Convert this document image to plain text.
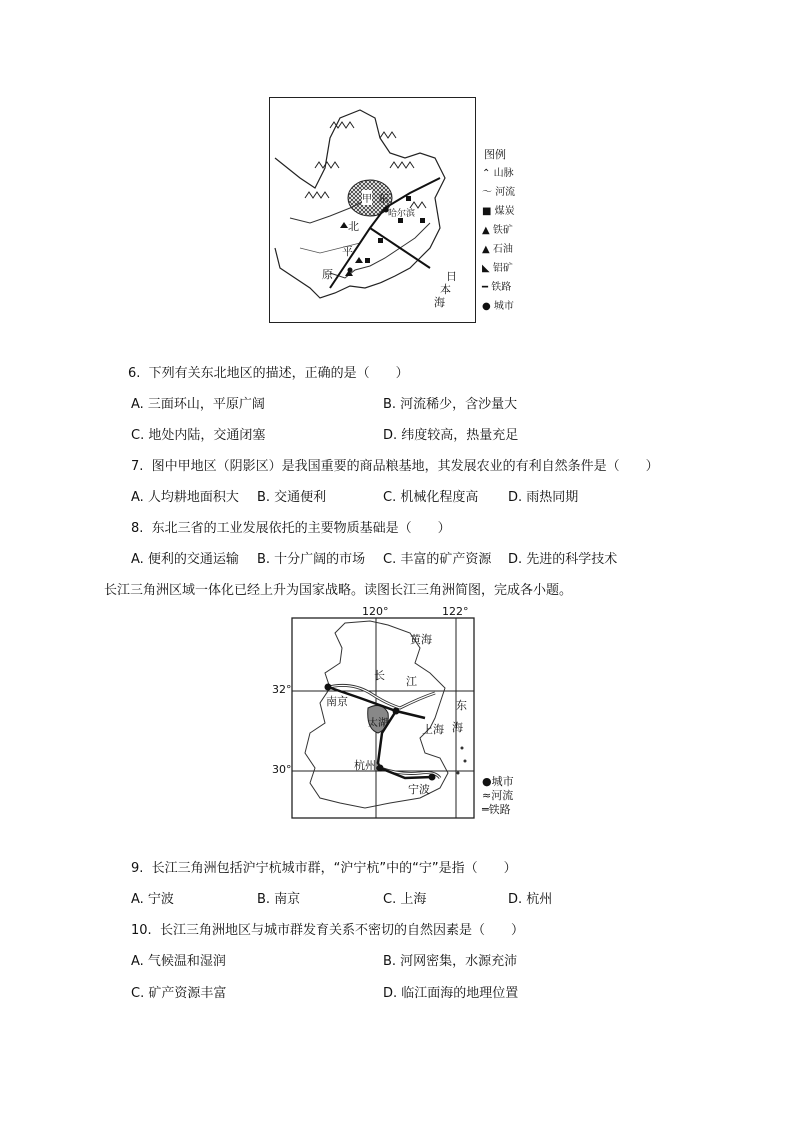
甲
哈尔滨
东
北
平
原	日
本
海
图例
⌃ 山脉
〜 河流
■ 煤炭
▲ 铁矿
▲ 石油
◣ 铝矿
━ 铁路
● 城市
6. 下列有关东北地区的描述，正确的是（　　）
A. 三面环山，平原广阔	B. 河流稀少，含沙量大
C. 地处内陆，交通闭塞	D. 纬度较高，热量充足
7. 图中甲地区（阴影区）是我国重要的商品粮基地，其发展农业的有利自然条件是（　　）
A. 人均耕地面积大 B. 交通便利	C. 机械化程度高 D. 雨热同期
8. 东北三省的工业发展依托的主要物质基础是（　　）
A. 便利的交通运输 B. 十分广阔的市场 C. 丰富的矿产资源 D. 先进的科学技术
长江三角洲区域一体化已经上升为国家战略。读图长江三角洲简图，完成各小题。
120°	122°
32°
30°
黄海
长 江
东
海
南京
太湖	上海
杭州
宁波
●城市
≈河流
═铁路
9. 长江三角洲包括沪宁杭城市群，“沪宁杭”中的“宁”是指（　　）
A. 宁波	B. 南京	C. 上海	D. 杭州
10. 长江三角洲地区与城市群发育关系不密切的自然因素是（　　）
A. 气候温和湿润	B. 河网密集，水源充沛
C. 矿产资源丰富	D. 临江面海的地理位置
